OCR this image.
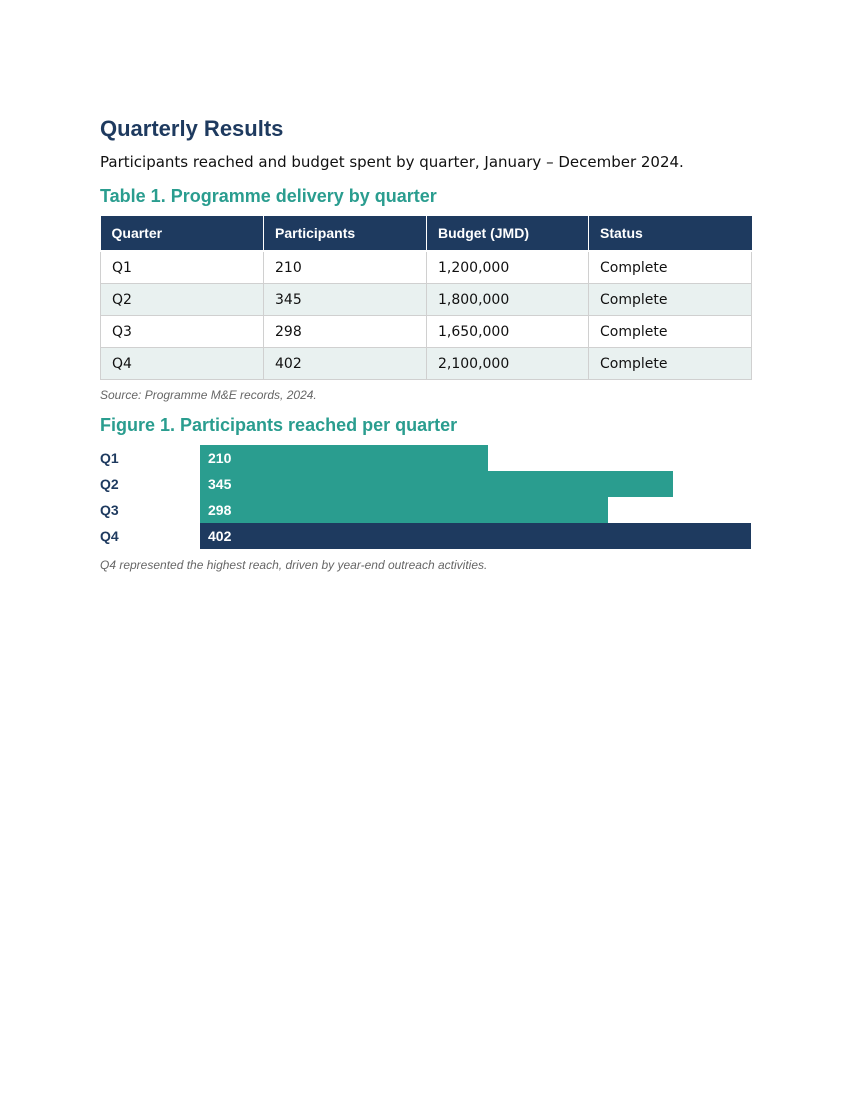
Quarterly Results

Participants reached and budget spent by quarter, January – December 2024.

Table 1. Programme delivery by quarter
Quarter	Participants	Budget (JMD)	Status
Q1	210	1,200,000	Complete
Q2	345	1,800,000	Complete
Q3	298	1,650,000	Complete
Q4	402	2,100,000	Complete

Source: Programme M&E records, 2024.

Figure 1. Participants reached per quarter
Q1	210
Q2	345
Q3	298
Q4	402

Q4 represented the highest reach, driven by year-end outreach activities.
